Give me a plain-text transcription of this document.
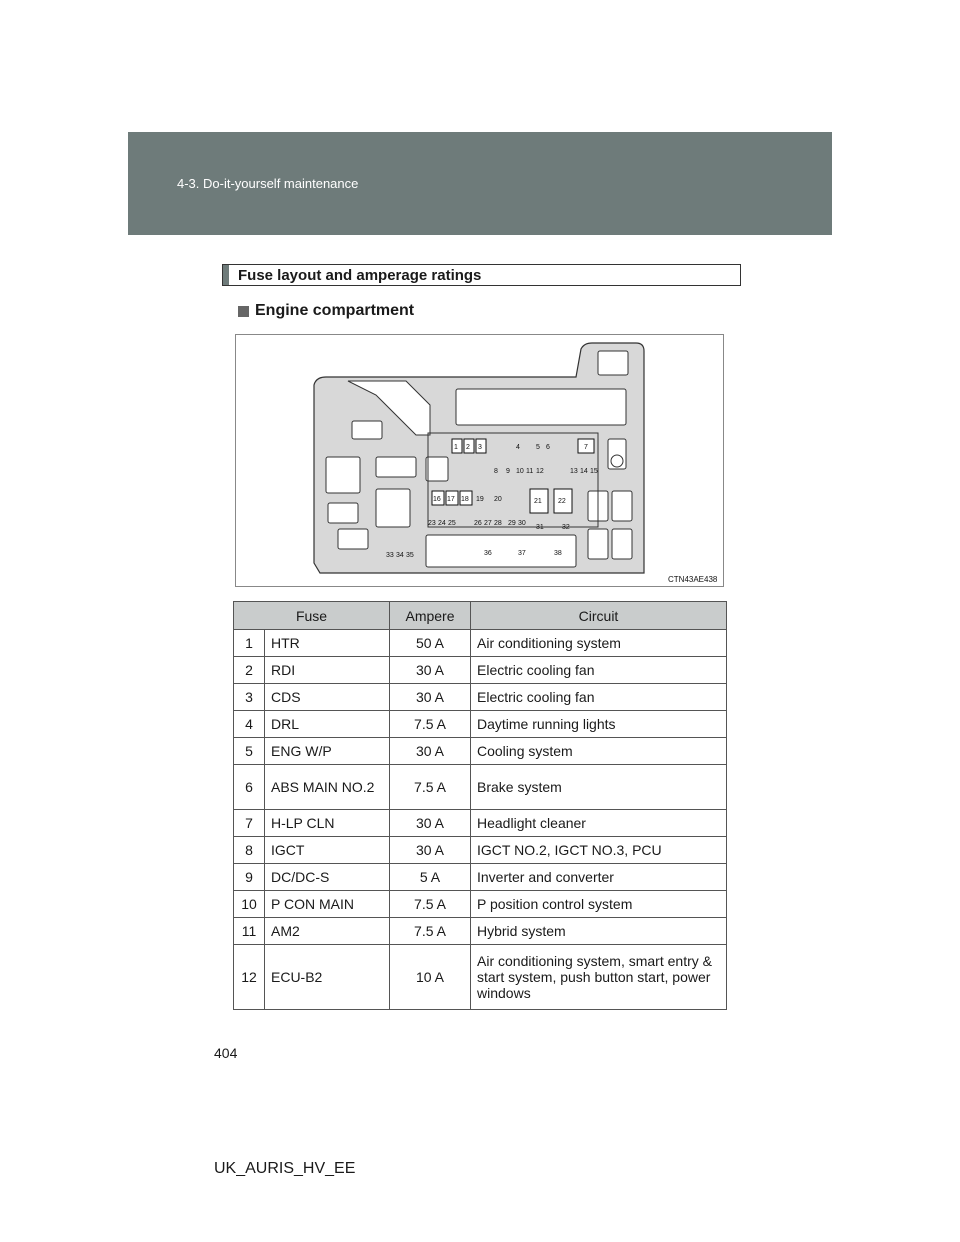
4-3. Do-it-yourself maintenance
Fuse layout and amperage ratings
Engine compartment
1 2 3	4 5 6	7
8 9 10 11 12	13 14 15
16 17 18 19 20	21 22
23 24 25	26 27 28 29 30
31	32
33 34 35	36	37	38
CTN43AE438
Fuse		Ampere	Circuit
1	HTR	50 A	Air conditioning system
2	RDI	30 A	Electric cooling fan
3	CDS	30 A	Electric cooling fan
4	DRL	7.5 A	Daytime running lights
5	ENG W/P	30 A	Cooling system
6	ABS MAIN NO.2	7.5 A	Brake system
7	H-LP CLN	30 A	Headlight cleaner
8	IGCT	30 A	IGCT NO.2, IGCT NO.3, PCU
9	DC/DC-S	5 A	Inverter and converter
10	P CON MAIN	7.5 A	P position control system
11	AM2	7.5 A	Hybrid system
12	ECU-B2	10 A	Air conditioning system, smart entry & start system, push button start, power windows
404
UK_AURIS_HV_EE
